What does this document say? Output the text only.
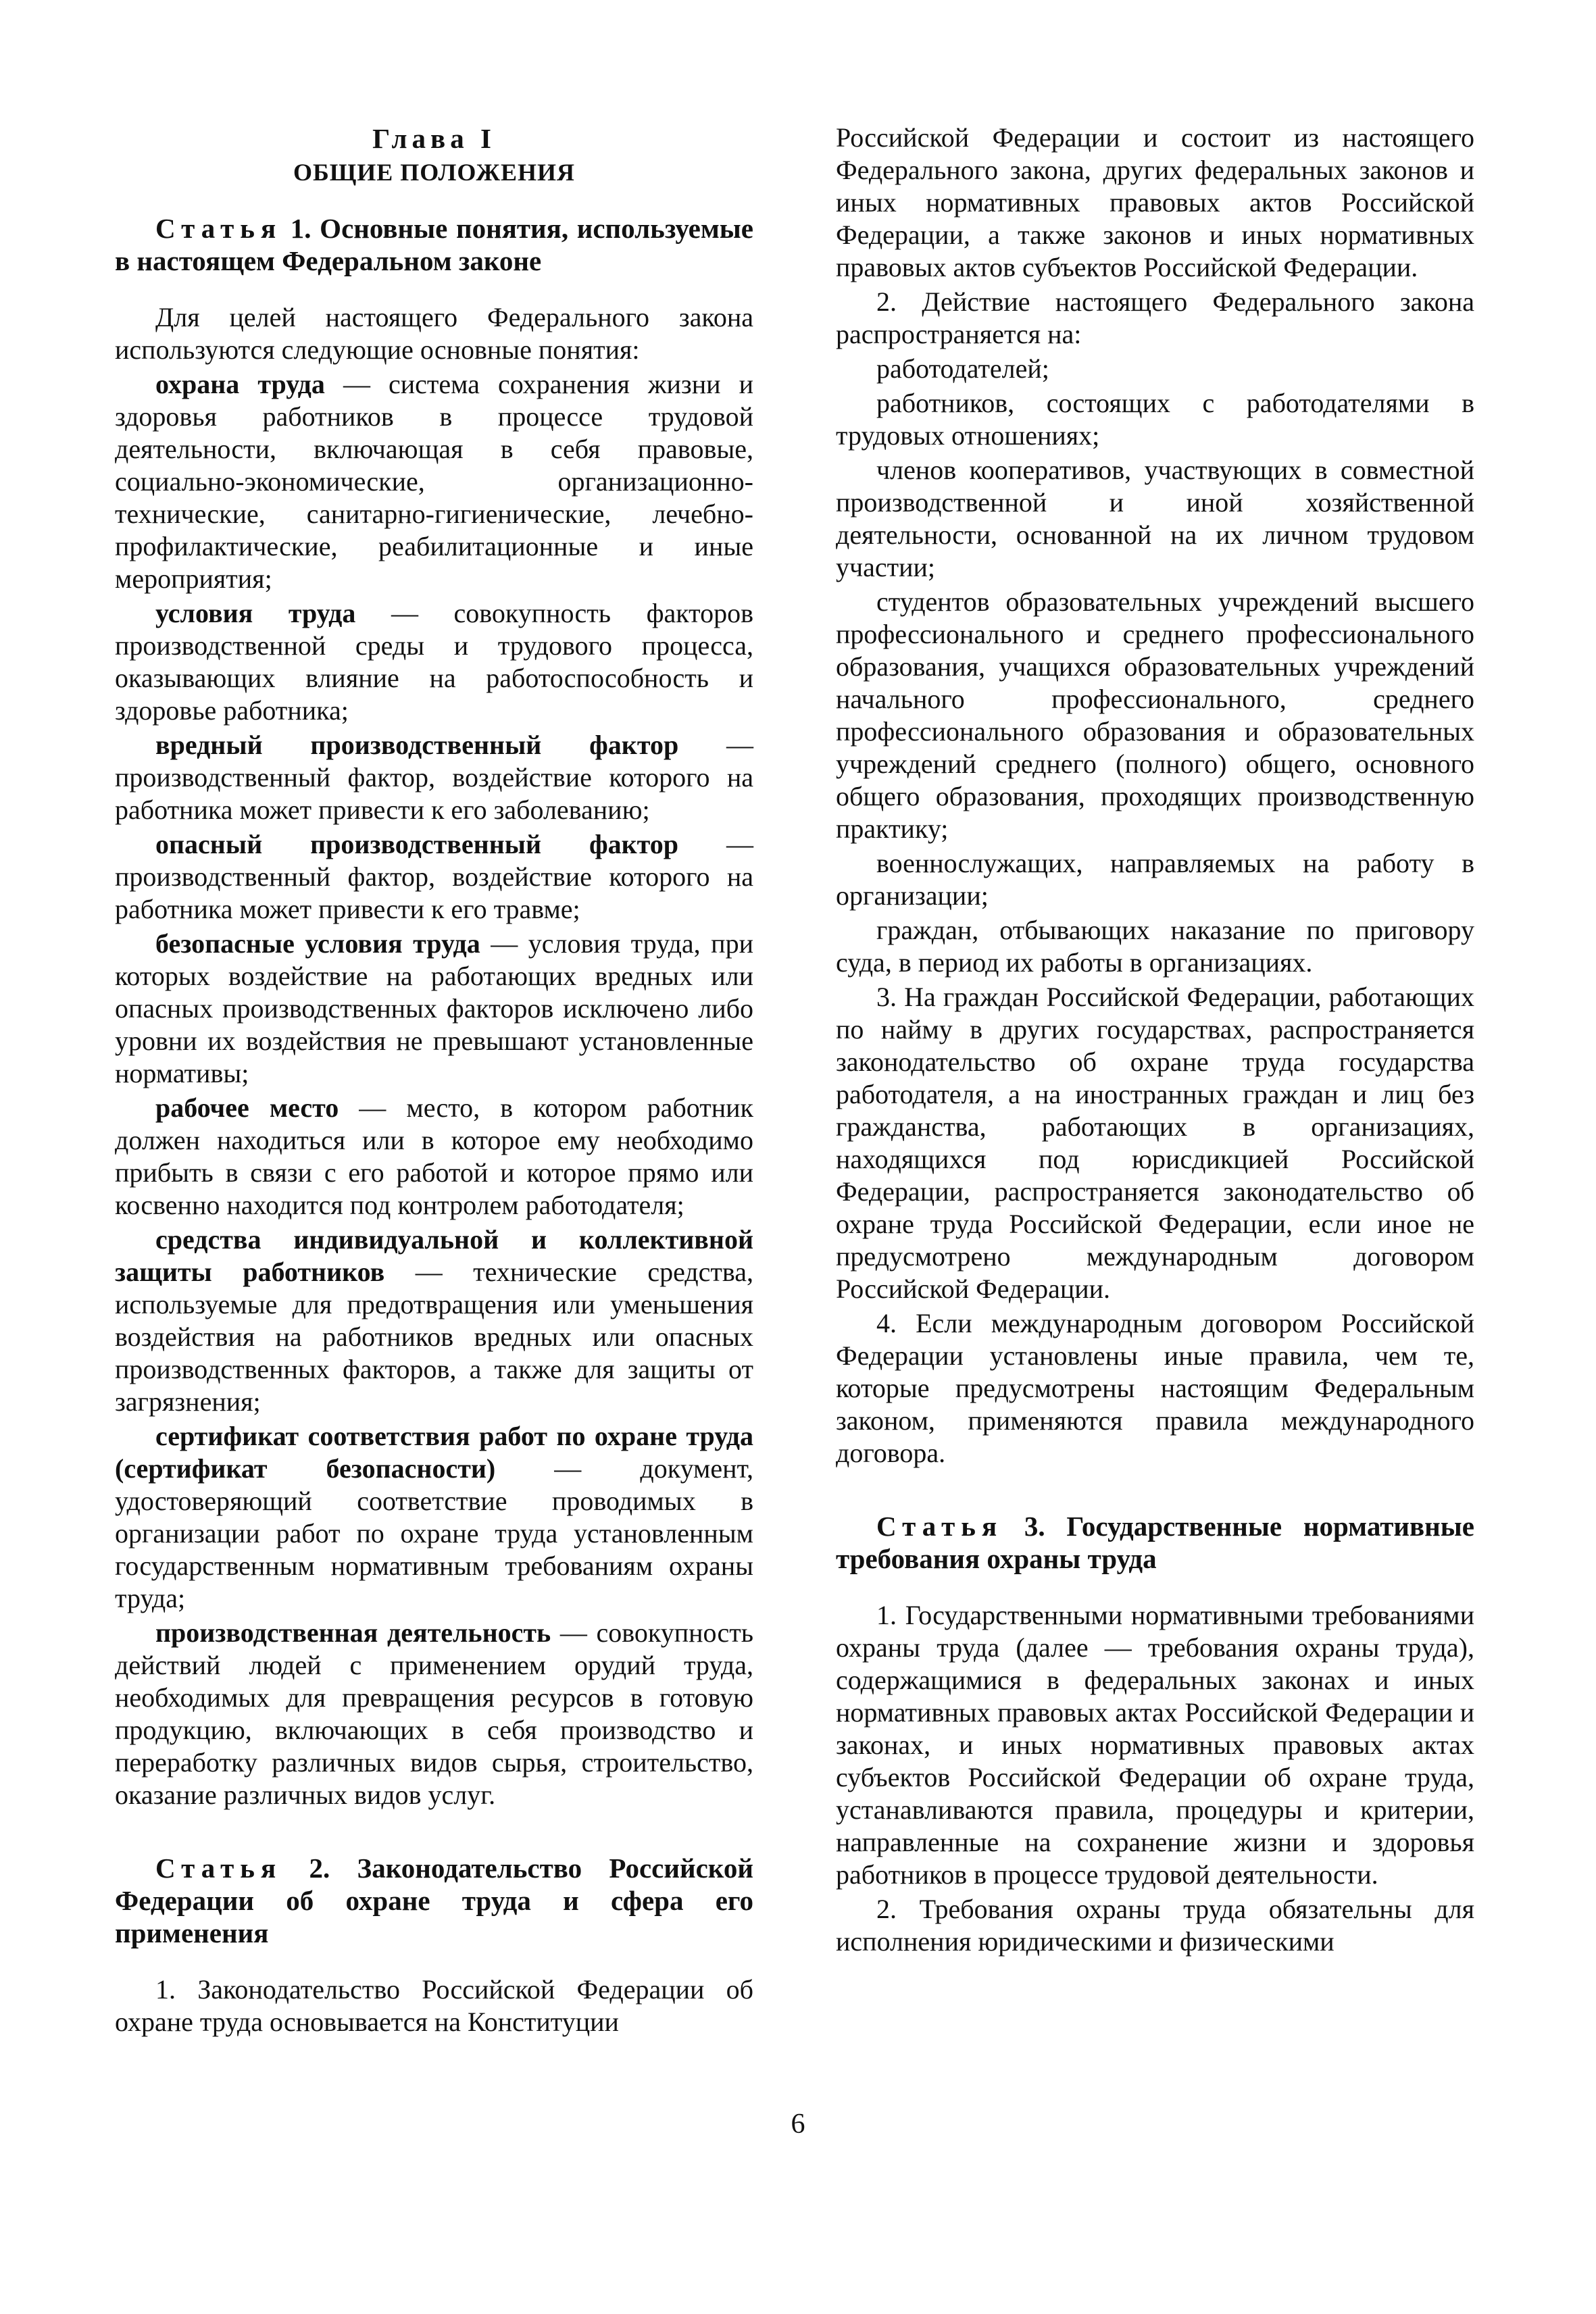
Глава I
ОБЩИЕ ПОЛОЖЕНИЯ
Статья 1. Основные понятия, используемые в настоящем Федеральном законе

Для целей настоящего Федерального закона используются следующие основные понятия:

охрана труда — система сохранения жизни и здоровья работников в процессе трудовой деятельности, включающая в себя правовые, социально-экономические, организационно-технические, санитарно-гигиенические, лечебно-профилактические, реабилитационные и иные мероприятия;

условия труда — совокупность факторов производственной среды и трудового процесса, оказывающих влияние на работоспособность и здоровье работника;

вредный производственный фактор — производственный фактор, воздействие которого на работника может привести к его заболеванию;

опасный производственный фактор — производственный фактор, воздействие которого на работника может привести к его травме;

безопасные условия труда — условия труда, при которых воздействие на работающих вредных или опасных производственных факторов исключено либо уровни их воздействия не превышают установленные нормативы;

рабочее место — место, в котором работник должен находиться или в которое ему необходимо прибыть в связи с его работой и которое прямо или косвенно находится под контролем работодателя;

средства индивидуальной и коллективной защиты работников — технические средства, используемые для предотвращения или уменьшения воздействия на работников вредных или опасных производственных факторов, а также для защиты от загрязнения;

сертификат соответствия работ по охране труда (сертификат безопасности) — документ, удостоверяющий соответствие проводимых в организации работ по охране труда установленным государственным нормативным требованиям охраны труда;

производственная деятельность — совокупность действий людей с применением орудий труда, необходимых для превращения ресурсов в готовую продукцию, включающих в себя производство и переработку различных видов сырья, строительство, оказание различных видов услуг.

Статья 2. Законодательство Российской Федерации об охране труда и сфера его применения

1. Законодательство Российской Федерации об охране труда основывается на Конституции

Российской Федерации и состоит из настоящего Федерального закона, других федеральных законов и иных нормативных правовых актов Российской Федерации, а также законов и иных нормативных правовых актов субъектов Российской Федерации.

2. Действие настоящего Федерального закона распространяется на:

работодателей;

работников, состоящих с работодателями в трудовых отношениях;

членов кооперативов, участвующих в совместной производственной и иной хозяйственной деятельности, основанной на их личном трудовом участии;

студентов образовательных учреждений высшего профессионального и среднего профессионального образования, учащихся образовательных учреждений начального профессионального, среднего профессионального образования и образовательных учреждений среднего (полного) общего, основного общего образования, проходящих производственную практику;

военнослужащих, направляемых на работу в организации;

граждан, отбывающих наказание по приговору суда, в период их работы в организациях.

3. На граждан Российской Федерации, работающих по найму в других государствах, распространяется законодательство об охране труда государства работодателя, а на иностранных граждан и лиц без гражданства, работающих в организациях, находящихся под юрисдикцией Российской Федерации, распространяется законодательство об охране труда Российской Федерации, если иное не предусмотрено международным договором Российской Федерации.

4. Если международным договором Российской Федерации установлены иные правила, чем те, которые предусмотрены настоящим Федеральным законом, применяются правила международного договора.

Статья 3. Государственные нормативные требования охраны труда

1. Государственными нормативными требованиями охраны труда (далее — требования охраны труда), содержащимися в федеральных законах и иных нормативных правовых актах Российской Федерации и законах, и иных нормативных правовых актах субъектов Российской Федерации об охране труда, устанавливаются правила, процедуры и критерии, направленные на сохранение жизни и здоровья работников в процессе трудовой деятельности.

2. Требования охраны труда обязательны для исполнения юридическими и физическими

6
